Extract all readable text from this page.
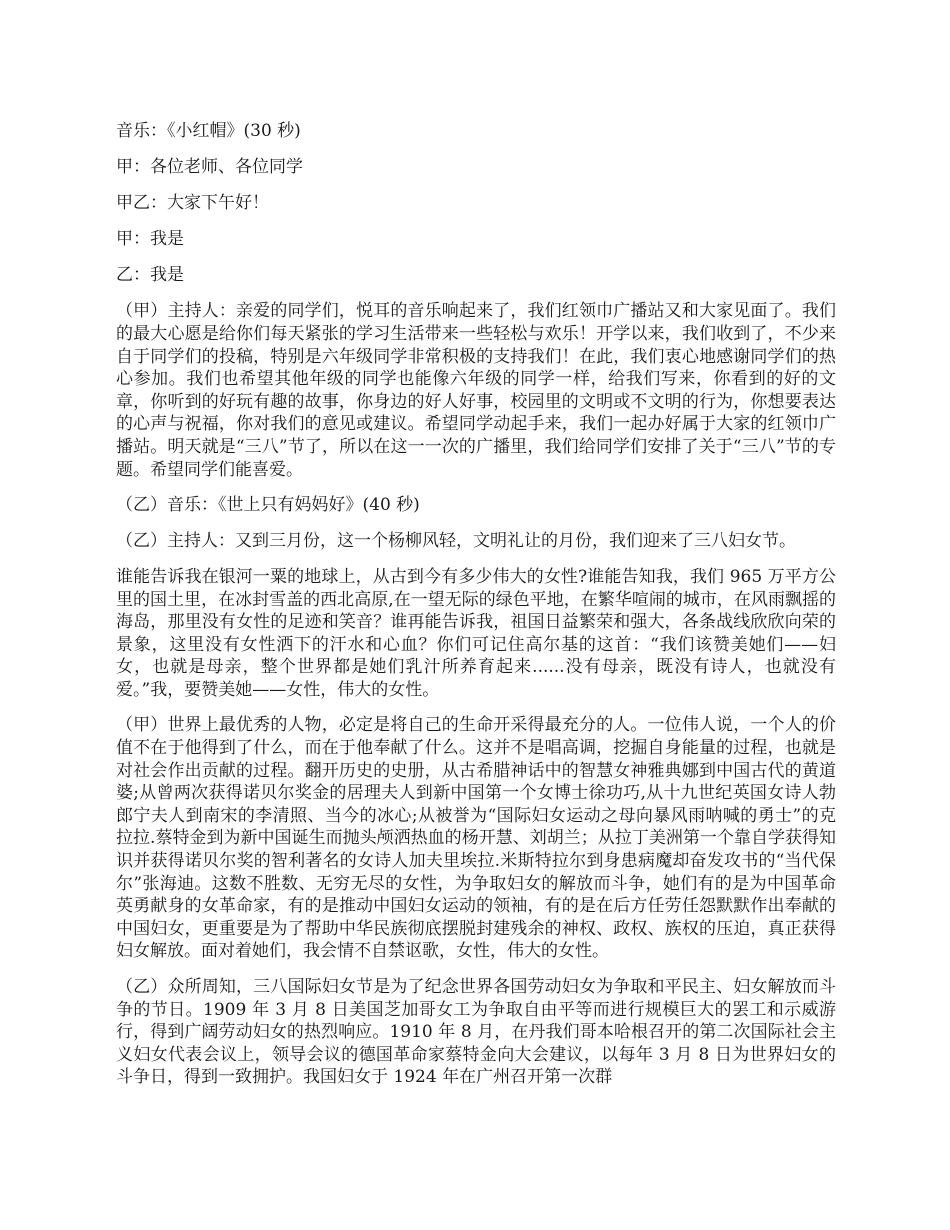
音乐：《小红帽》(30 秒)

甲：各位老师、各位同学

甲乙：大家下午好！

甲：我是

乙：我是

（甲）主持人：亲爱的同学们，悦耳的音乐响起来了，我们红领巾广播站又和大家见面了。我们的最大心愿是给你们每天紧张的学习生活带来一些轻松与欢乐！开学以来，我们收到了，不少来自于同学们的投稿，特别是六年级同学非常积极的支持我们！在此，我们衷心地感谢同学们的热心参加。我们也希望其他年级的同学也能像六年级的同学一样，给我们写来，你看到的好的文章，你听到的好玩有趣的故事，你身边的好人好事，校园里的文明或不文明的行为，你想要表达的心声与祝福，你对我们的意见或建议。希望同学动起手来，我们一起办好属于大家的红领巾广播站。明天就是“三八”节了，所以在这一一次的广播里，我们给同学们安排了关于“三八”节的专题。希望同学们能喜爱。

（乙）音乐：《世上只有妈妈好》(40 秒)

（乙）主持人：又到三月份，这一个杨柳风轻，文明礼让的月份，我们迎来了三八妇女节。

谁能告诉我在银河一粟的地球上，从古到今有多少伟大的女性?谁能告知我，我们 965 万平方公里的国土里，在冰封雪盖的西北高原,在一望无际的绿色平地，在繁华喧闹的城市，在风雨飘摇的海岛，那里没有女性的足迹和笑音？谁再能告诉我，祖国日益繁荣和强大，各条战线欣欣向荣的景象，这里没有女性洒下的汗水和心血？你们可记住高尔基的这首：“我们该赞美她们——妇女，也就是母亲，整个世界都是她们乳汁所养育起来......没有母亲，既没有诗人，也就没有爱。”我，要赞美她——女性，伟大的女性。

（甲）世界上最优秀的人物，必定是将自己的生命开采得最充分的人。一位伟人说，一个人的价值不在于他得到了什么，而在于他奉献了什么。这并不是唱高调，挖掘自身能量的过程，也就是对社会作出贡献的过程。翻开历史的史册，从古希腊神话中的智慧女神雅典娜到中国古代的黄道婆;从曾两次获得诺贝尔奖金的居理夫人到新中国第一个女博士徐功巧,从十九世纪英国女诗人勃郎宁夫人到南宋的李清照、当今的冰心;从被誉为“国际妇女运动之母向暴风雨呐喊的勇士”的克拉拉.蔡特金到为新中国诞生而抛头颅洒热血的杨开慧、刘胡兰；从拉丁美洲第一个靠自学获得知识并获得诺贝尔奖的智利著名的女诗人加夫里埃拉.米斯特拉尔到身患病魔却奋发攻书的“当代保尔”张海迪。这数不胜数、无穷无尽的女性，为争取妇女的解放而斗争，她们有的是为中国革命英勇献身的女革命家，有的是推动中国妇女运动的领袖，有的是在后方任劳任怨默默作出奉献的中国妇女，更重要是为了帮助中华民族彻底摆脱封建残余的神权、政权、族权的压迫，真正获得妇女解放。面对着她们，我会情不自禁讴歌，女性，伟大的女性。

（乙）众所周知，三八国际妇女节是为了纪念世界各国劳动妇女为争取和平民主、妇女解放而斗争的节日。1909 年 3 月 8 日美国芝加哥女工为争取自由平等而进行规模巨大的罢工和示威游行，得到广阔劳动妇女的热烈响应。1910 年 8 月，在丹我们哥本哈根召开的第二次国际社会主义妇女代表会议上，领导会议的德国革命家蔡特金向大会建议，以每年 3 月 8 日为世界妇女的斗争日，得到一致拥护。我国妇女于 1924 年在广州召开第一次群
